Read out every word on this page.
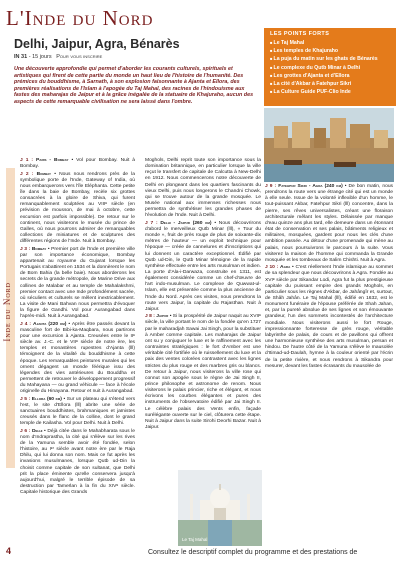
L'Inde du Nord
Delhi, Jaipur, Agra, Bénarès
IN 31 - 15 jours Pour vous inscrire
LES POINTS FORTS
■ Le Taj Mahal
■ Les temples de Khajuraho
■ La puja du matin sur les ghats de Bénarès
■ Le complexe du Qutb Minar à Delhi
■ Les grottes d'Ajanta et d'Ellora
■ La cité d'Akbar à Fatehpur Sikri
■ La Culture Guide PUF-Clio Inde
Une découverte approfondie qui permet d'aborder les courants culturels, spirituels et artistiques qui firent de cette partie du monde un haut lieu de l'histoire de l'humanité. Des prémices du bouddhisme, à Sarnath, à son explosion faisonnante à Ajanta et Ellora, des premières réalisations de l'Islam à l'apogée du Taj Mahal, des racines de l'hindouisme aux fastes des maharajas de Jaipur et à la grâce inégalée de la statuaire de Khajuraho, aucun des aspects de cette remarquable civilisation ne sera laissé dans l'ombre.
Inde du Nord

J 1 : Paris - Bombay • Vol pour Bombay. Nuit à Bombay.

J 2 : Bombay • Nous nous rendrons près de la symbolique porte de l'Inde, Gateway of India, où nous embarquerons vers l'île Eléphanta. Cette petite île dans la baie de Bombay, recèle six grottes consacrées à la gloire de Shiva, qui furent remanquablement sculptées au VIIIᵉ siècle (en prévision de mousson, de mai à octobre, cette excursion est parfois impossible). De retour sur le continent, nous visiterons le musée du prince de Galles, où nous pourrons admirer de remarquables collections de miniatures et de sculptures des différentes régions de l'Inde. Nuit à Bombay.

J 3 : Bombay • Premier port de l'Inde et première ville par son importance économique, Bombay appartenait au royaume du Gujarat lorsque les Portugais s'abattirent en 1534 et la donnèrent le nom de Bom Bahia (la belle baie). Nous aborderons les secrets de la grande métropole, de Marine Drive aux collines de Malabar et au temple de Mahalakshmi, premier contact avec une Inde profondément sacrée, où séculiers et culturels se mêlent inextricablement. La visite de Mani Bahvan nous permettra d'évoquer la figure de Gandhi. Vol pour Aurangabad dans l'après-midi. Nuit à Aurangabad.

J 4 : Ajanta (220 km) • Après être passés devant la masculine fort de Bibi-ka-Maqbara, nous partirons pour une excursion à Ajanta. Creusées entre le IIᵉ siècle av. J.-C. et le VIIᵉ siècle de notre ère, les temples et monastères rupestres d'Ajanta (lll) témoignent de la vitalité du bouddhisme à cette époque. Les remarquables peintures murales qui les ornent dégagent un monde féérique issu des légendes des vies antérieures du Bouddha et permettent de retrouver le développement progressif du Mahayana — ou grand véhicule — face à l'école originelle du Hinayana. Retour et nuit à Aurangabad.

J 5 : Ellora (60 km) • Sur un plateau qui s'étend vers l'est, le site d'Ellora (lll) abrite une série de sanctuaires bouddhistes, brahmaniques et jaïnistes creusés dans le flanc de la colline, dont le grand temple de Kailasha. Vol pour Delhi. Nuit à Delhi.

J 6 : Delhi • Déjà citée dans le Mahabharata sous le nom d'Indraprastha, la cité qui s'élève sur les rives de la Yamuna semble avoir été fondée, selon l'histoire, au Iᵉʳ siècle avant notre ère par le Raja Dhilu, qui lui donna son nom. Mais ce fut après les invasions musulmanes, lorsque Qutb ud-Din la choisit comme capitale de son sultanat, que Delhi prit la place éminente qu'elle conservera jusqu'à aujourd'hui, malgré le terrible épisode de sa destruction par Tamerlan à la fin du XIVᵉ siècle. Capitale historique des Grands

Moghols, Delhi reprit toute son importance sous la domination britannique, en particulier lorsque la ville reçut le transfert de capitale de Calcutta à New-Delhi en 1912. Nous commencerons notre découverte de Delhi en plongeant dans les quartiers fascinants du vieux Delhi, puis nous longerons le Chandni Chowk, qui se trouve autour de la grande mosquée. Le Musée national aux immenses richesses nous permettra de synthétiser les grandes phases de l'évolution de l'Inde. Nuit à Delhi.

J 7 : Delhi - Jaipur (260 km) • Nous découvrirons d'abord le merveilleux Qutb Minar (lll), « Tour du monde », fruit de près rouge de plus de soixante-dix mètres de hauteur — un exploit technique pour l'époque — créée de cannelures et d'inscriptions qui lui donnent un caractère exceptionnel. Édifié par Qutb ud-Din, le Qutb Minar témoigne de la rapide synthèse effectuée entre les arts musulman et indien. La porte d'Ala-i-Darwaza, construite en 1311, est également considérée comme un chef-d'œuvre de l'art indo-musulman. Le complexe de Quwwat-ul-Islam, elle est présentée comme la plus ancienne de l'Inde du Nord. Après ces visites, nous prendrons la route vers Jaipur, la capitale du Rajasthan. Nuit à Jaipur.

J 8 : Jaipur • Si la prospérité de Jaipur naquit au XVIIᵉ siècle, la ville portant le nom de la fondée qu'en 1727 par le maharadjah Sawai Jai Singh, pour la substituer à Amber comme capitale. Les maharajas de Jaipur ont su y conjuguer le luxe et le raffinement avec les contraintes stratégiques : le fort d'Amber est une véritable cité fortifiée où le ruissellement du luxe et la paix des ventes colorées contrastent avec les lignes strictes du plus rouge et des marbres gris ou blancs. De retour à Jaipur, nous visiterons la ville rose qui connut son apogée sous le règne de Jai Singh II, prince philosophe et astronome de renom. Nous visiterons le palais princier, riche et élégant, et nous écrivons les courbes élégantes et pures des instruments de l'observatoire édifié par Jai Singh II. Le célèbre palais des Vents enfin, façade surélégante ouverte sur le ciel, clôturera cette étape. Nuit à Jaipur dans la suite Sirohi Deorhi Bazar. Nuit à Jaipur.

J 9 : Fatehpur Sikri - Agra (240 km) • De bon matin, nous prendrons la route vers une étrange cité qui est un monde à elle seule. Issue de la volonté inflexible d'un homme, le tout-puissant Akbar, Fatehpur Sikri (lll) concentre, dans la pierre, ses rêves universalistes, créant une floraison architecturale mêlant les styles. Délaissée par manque d'eau quinze ans plus tard, elle demeure dans un étonnant état de conservation et ses palais, bâtiments religieux et militaires, mosquées, gardent pour nous les clés d'une ambition passée. Au détour d'une promenade qui mène au palais, nous poursuivrons le parcours à la suite. Vous visiterez la maison de l'homme qui commanda la Grande mosquée et les tombeaux de Salim Chishti. Nuit à Agra.

J 10 : Agra • C'est réellement l'Inde islamique au sommet de sa splendeur que nous découvrirons à Agra. Fondée au XVIᵉ siècle par Sikandar Lodi, Agra fut la plus prestigieuse capitale du puissant empire des grands Moghols, en particulier sous les règnes d'Akbar, de Jahângîr et, surtout, de Shâh Jahân. Le Taj Mahal (lll), édifié en 1632, est le monument funéraire de l'épouse préférée de Shah Jahan, et, par la pureté absolue de ses lignes et son émouvante grandeur, l'un des sommets incontestés de l'architecture mondiale. Nous visiterons aussi le fort Rouge, impressionnante forteresse de grès rouge, véritable labyrinthe de palais, de cours et de pavillons qui offrent une harmonieuse synthèse des arts musulman, persan et hindou. De l'autre côté de la Yamuna s'élève le mausolée d'Itimad-ud-Daulah, hymne à la couleur orienté par l'écrin de la petite rivière, et nous rendrons à Sikandra pour mesurer, devant les fastes écrasants du mausolée de

Le Taj Mahal
4	Consultez le descriptif complet du programme et des prestations de
